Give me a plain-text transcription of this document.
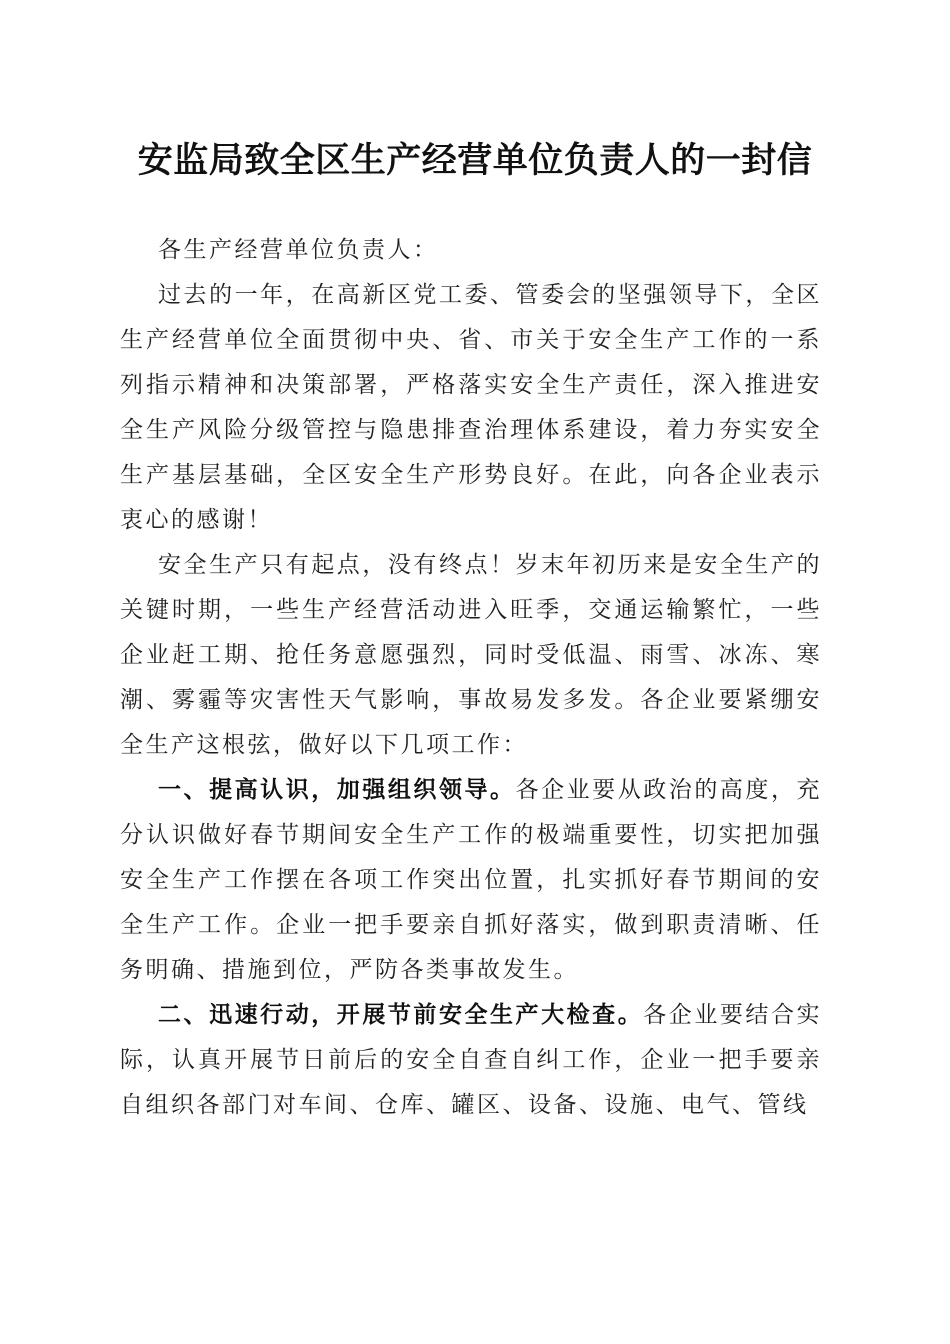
安监局致全区生产经营单位负责人的一封信

各生产经营单位负责人：

过去的一年，在高新区党工委、管委会的坚强领导下，全区生产经营单位全面贯彻中央、省、市关于安全生产工作的一系列指示精神和决策部署，严格落实安全生产责任，深入推进安全生产风险分级管控与隐患排查治理体系建设，着力夯实安全生产基层基础，全区安全生产形势良好。在此，向各企业表示衷心的感谢！

安全生产只有起点，没有终点！岁末年初历来是安全生产的关键时期，一些生产经营活动进入旺季，交通运输繁忙，一些企业赶工期、抢任务意愿强烈，同时受低温、雨雪、冰冻、寒潮、雾霾等灾害性天气影响，事故易发多发。各企业要紧绷安全生产这根弦，做好以下几项工作：

一、提高认识，加强组织领导。各企业要从政治的高度，充分认识做好春节期间安全生产工作的极端重要性，切实把加强安全生产工作摆在各项工作突出位置，扎实抓好春节期间的安全生产工作。企业一把手要亲自抓好落实，做到职责清晰、任务明确、措施到位，严防各类事故发生。

二、迅速行动，开展节前安全生产大检查。各企业要结合实际，认真开展节日前后的安全自查自纠工作，企业一把手要亲自组织各部门对车间、仓库、罐区、设备、设施、电气、管线
